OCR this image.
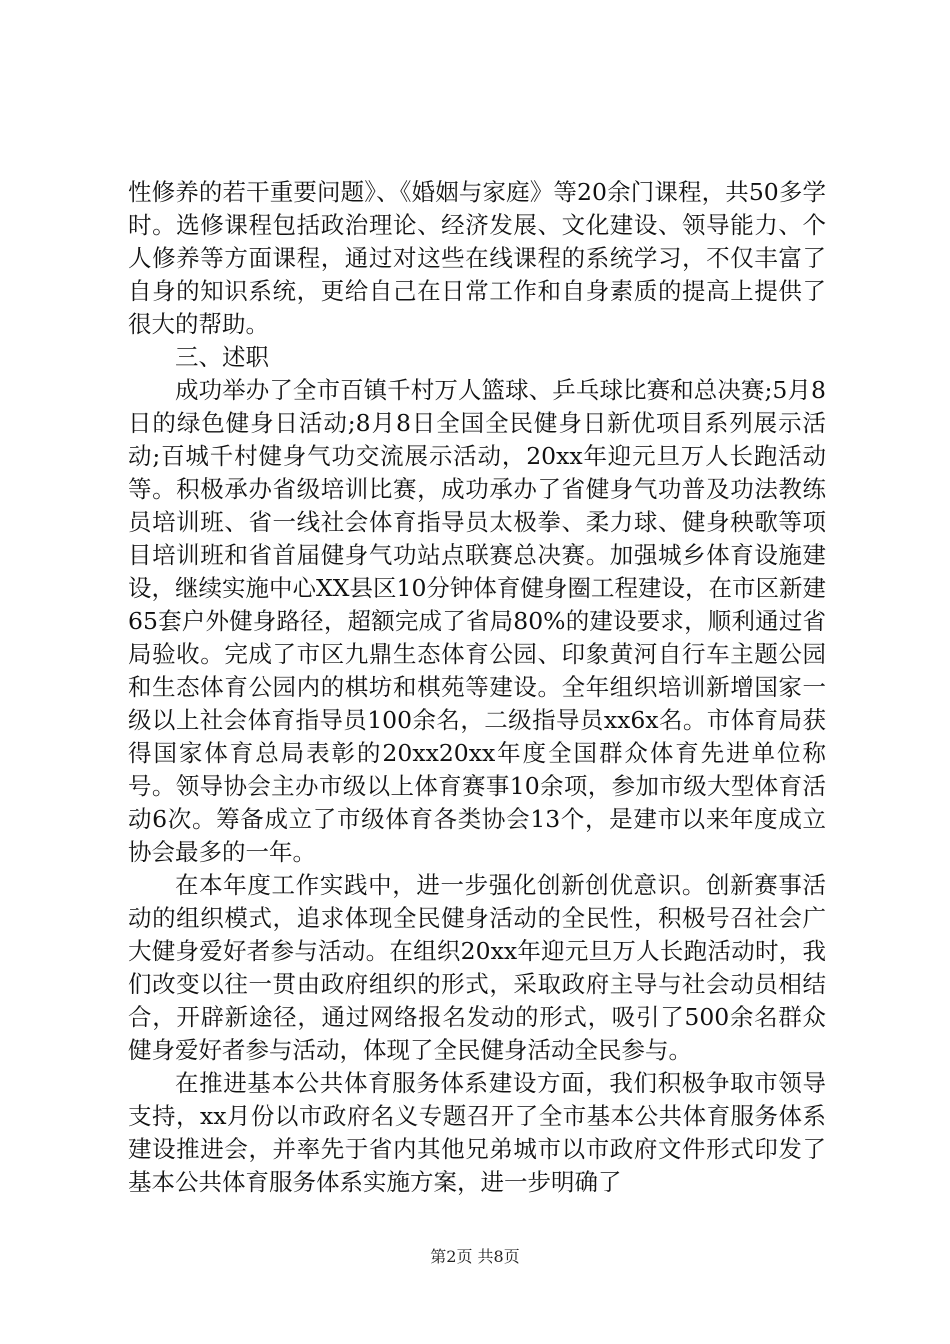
性修养的若干重要问题》、《婚姻与家庭》等20余门课程，共50多学时。选修课程包括政治理论、经济发展、文化建设、领导能力、个人修养等方面课程，通过对这些在线课程的系统学习，不仅丰富了自身的知识系统，更给自己在日常工作和自身素质的提高上提供了很大的帮助。

三、述职

成功举办了全市百镇千村万人篮球、乒乓球比赛和总决赛;5月8日的绿色健身日活动;8月8日全国全民健身日新优项目系列展示活动;百城千村健身气功交流展示活动，20xx年迎元旦万人长跑活动等。积极承办省级培训比赛，成功承办了省健身气功普及功法教练员培训班、省一线社会体育指导员太极拳、柔力球、健身秧歌等项目培训班和省首届健身气功站点联赛总决赛。加强城乡体育设施建设，继续实施中心XX县区10分钟体育健身圈工程建设，在市区新建65套户外健身路径，超额完成了省局80%的建设要求，顺利通过省局验收。完成了市区九鼎生态体育公园、印象黄河自行车主题公园和生态体育公园内的棋坊和棋苑等建设。全年组织培训新增国家一级以上社会体育指导员100余名，二级指导员xx6x名。市体育局获得国家体育总局表彰的20xx20xx年度全国群众体育先进单位称号。领导协会主办市级以上体育赛事10余项，参加市级大型体育活动6次。筹备成立了市级体育各类协会13个，是建市以来年度成立协会最多的一年。

在本年度工作实践中，进一步强化创新创优意识。创新赛事活动的组织模式，追求体现全民健身活动的全民性，积极号召社会广大健身爱好者参与活动。在组织20xx年迎元旦万人长跑活动时，我们改变以往一贯由政府组织的形式，采取政府主导与社会动员相结合，开辟新途径，通过网络报名发动的形式，吸引了500余名群众健身爱好者参与活动，体现了全民健身活动全民参与。

在推进基本公共体育服务体系建设方面，我们积极争取市领导支持，xx月份以市政府名义专题召开了全市基本公共体育服务体系建设推进会，并率先于省内其他兄弟城市以市政府文件形式印发了基本公共体育服务体系实施方案，进一步明确了

第2页 共8页
